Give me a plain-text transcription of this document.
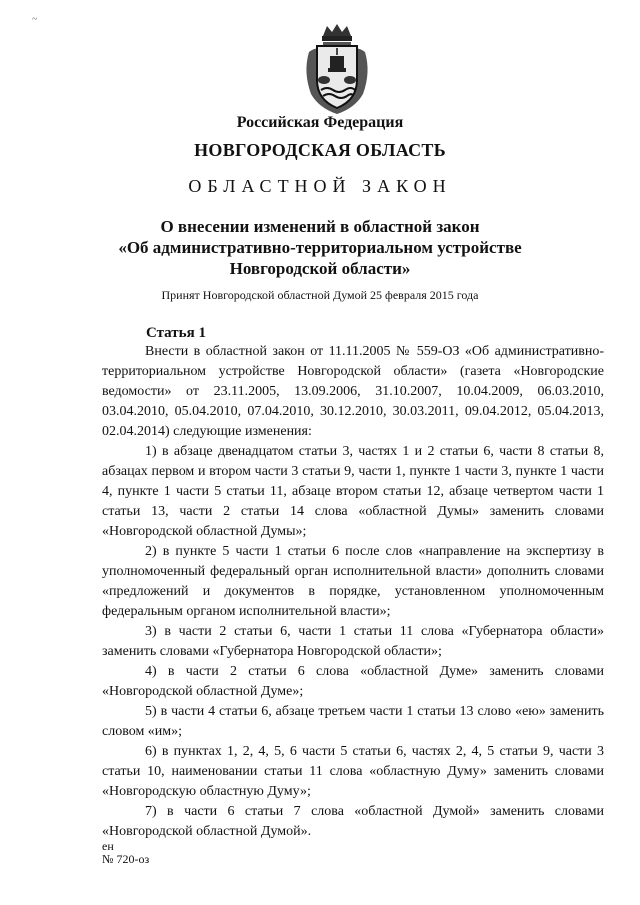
~
Российская Федерация
НОВГОРОДСКАЯ ОБЛАСТЬ
ОБЛАСТНОЙ ЗАКОН
О внесении изменений в областной закон
«Об административно-территориальном устройстве
Новгородской области»
Принят Новгородской областной Думой 25 февраля 2015 года
Статья 1

Внести в областной закон от 11.11.2005 № 559-ОЗ «Об административно-территориальном устройстве Новгородской области» (газета «Новгородские ведомости» от 23.11.2005, 13.09.2006, 31.10.2007, 10.04.2009, 06.03.2010, 03.04.2010, 05.04.2010, 07.04.2010, 30.12.2010, 30.03.2011, 09.04.2012, 05.04.2013, 02.04.2014) следующие изменения:

1) в абзаце двенадцатом статьи 3, частях 1 и 2 статьи 6, части 8 статьи 8, абзацах первом и втором части 3 статьи 9, части 1, пункте 1 части 3, пункте 1 части 4, пункте 1 части 5 статьи 11, абзаце втором статьи 12, абзаце четвертом части 1 статьи 13, части 2 статьи 14 слова «областной Думы» заменить словами «Новгородской областной Думы»;

2) в пункте 5 части 1 статьи 6 после слов «направление на экспертизу в уполномоченный федеральный орган исполнительной власти» дополнить словами «предложений и документов в порядке, установленном уполномоченным федеральным органом исполнительной власти»;

3) в части 2 статьи 6, части 1 статьи 11 слова «Губернатора области» заменить словами «Губернатора Новгородской области»;

4) в части 2 статьи 6 слова «областной Думе» заменить словами «Новгородской областной Думе»;

5) в части 4 статьи 6, абзаце третьем части 1 статьи 13 слово «ею» заменить словом «им»;

6) в пунктах 1, 2, 4, 5, 6 части 5 статьи 6, частях 2, 4, 5 статьи 9, части 3 статьи 10, наименовании статьи 11 слова «областную Думу» заменить словами «Новгородскую областную Думу»;

7) в части 6 статьи 7 слова «областной Думой» заменить словами «Новгородской областной Думой».

ен
№ 720-оз
